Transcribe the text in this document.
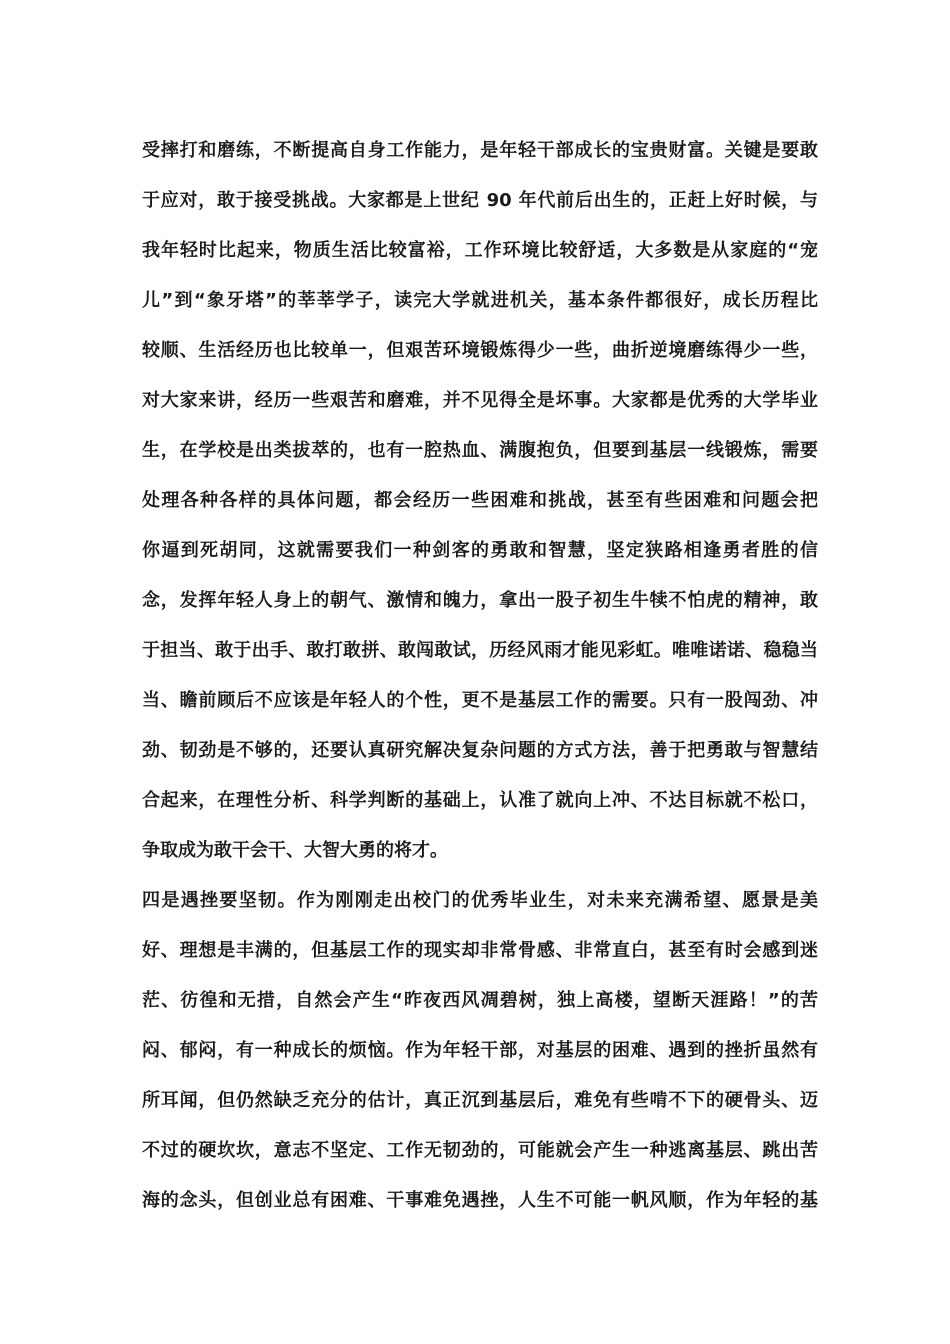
受摔打和磨练，不断提高自身工作能力，是年轻干部成长的宝贵财富。关键是要敢
于应对，敢于接受挑战。大家都是上世纪 90 年代前后出生的，正赶上好时候，与
我年轻时比起来，物质生活比较富裕，工作环境比较舒适，大多数是从家庭的“宠
儿”到“象牙塔”的莘莘学子，读完大学就进机关，基本条件都很好，成长历程比
较顺、生活经历也比较单一，但艰苦环境锻炼得少一些，曲折逆境磨练得少一些，
对大家来讲，经历一些艰苦和磨难，并不见得全是坏事。大家都是优秀的大学毕业
生，在学校是出类拔萃的，也有一腔热血、满腹抱负，但要到基层一线锻炼，需要
处理各种各样的具体问题，都会经历一些困难和挑战，甚至有些困难和问题会把
你逼到死胡同，这就需要我们一种剑客的勇敢和智慧，坚定狭路相逢勇者胜的信
念，发挥年轻人身上的朝气、激情和魄力，拿出一股子初生牛犊不怕虎的精神，敢
于担当、敢于出手、敢打敢拼、敢闯敢试，历经风雨才能见彩虹。唯唯诺诺、稳稳当
当、瞻前顾后不应该是年轻人的个性，更不是基层工作的需要。只有一股闯劲、冲
劲、韧劲是不够的，还要认真研究解决复杂问题的方式方法，善于把勇敢与智慧结
合起来，在理性分析、科学判断的基础上，认准了就向上冲、不达目标就不松口，
争取成为敢干会干、大智大勇的将才。
四是遇挫要坚韧。作为刚刚走出校门的优秀毕业生，对未来充满希望、愿景是美
好、理想是丰满的，但基层工作的现实却非常骨感、非常直白，甚至有时会感到迷
茫、彷徨和无措，自然会产生“昨夜西风凋碧树，独上高楼，望断天涯路！”的苦
闷、郁闷，有一种成长的烦恼。作为年轻干部，对基层的困难、遇到的挫折虽然有
所耳闻，但仍然缺乏充分的估计，真正沉到基层后，难免有些啃不下的硬骨头、迈
不过的硬坎坎，意志不坚定、工作无韧劲的，可能就会产生一种逃离基层、跳出苦
海的念头，但创业总有困难、干事难免遇挫，人生不可能一帆风顺，作为年轻的基
